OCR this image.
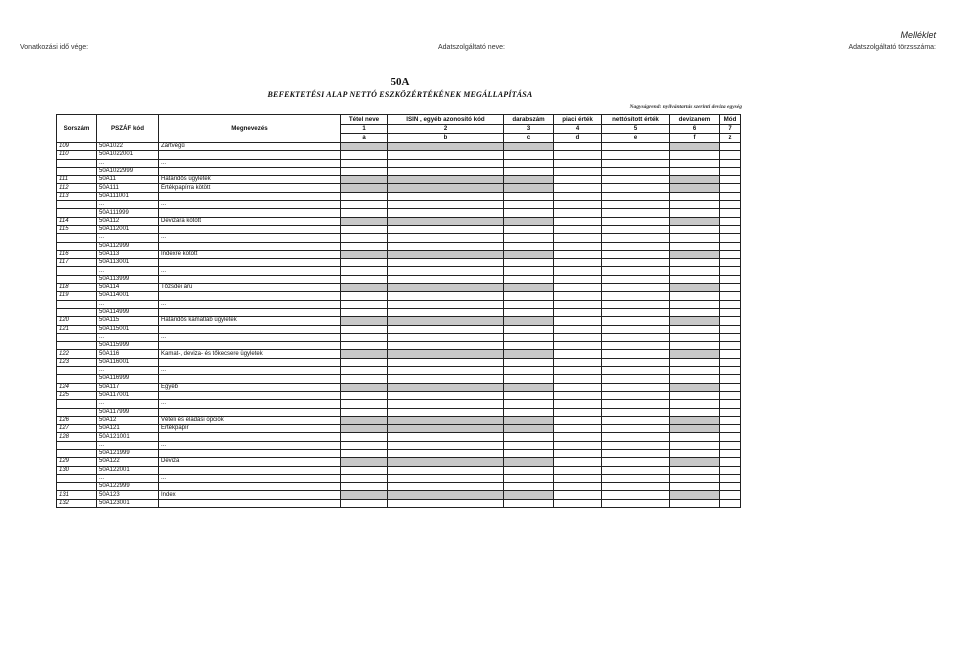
Vonatkozási idő vége:	Adatszolgáltató neve:
Melléklet
Adatszolgáltató törzsszáma:
50A
BEFEKTETÉSI ALAP NETTÓ ESZKÖZÉRTÉKÉNEK MEGÁLLAPÍTÁSA
Nagyságrend: nyilvántartás szerinti deviza egység
Sorszám	PSZÁF kód	Megnevezés	Tétel neve	ISIN , egyéb azonosító kód	darabszám	piaci érték	nettósított érték	devizanem	Mód
			1	2	3	4	5	6	7
			a	b	c	d	e	f	z
109	50A1022	Zártvégű							
110	50A1022001								
	...	...							
	50A1022999								
111	50A11	Határidős ügyletek							
112	50A111	Értékpapírra kötött							
113	50A111001								
	...	...							
	50A111999								
114	50A112	Devizára kötött							
115	50A112001								
	...	...							
	50A112999								
116	50A113	Indexre kötött							
117	50A113001								
	...	...							
	50A113999								
118	50A114	Tőzsdei áru							
119	50A114001								
	...	...							
	50A114999								
120	50A115	Határidős kamatláb ügyletek							
121	50A115001								
	...	...							
	50A115999								
122	50A116	Kamat-, deviza- és tőkecsere ügyletek							
123	50A116001								
	...	...							
	50A116999								
124	50A117	Egyéb							
125	50A117001								
	...	...							
	50A117999								
126	50A12	Vételi és eladási opciók							
127	50A121	Értékpapír							
128	50A121001								
	...	...							
	50A121999								
129	50A122	Deviza							
130	50A122001								
	...	...							
	50A122999								
131	50A123	Index							
132	50A123001								
